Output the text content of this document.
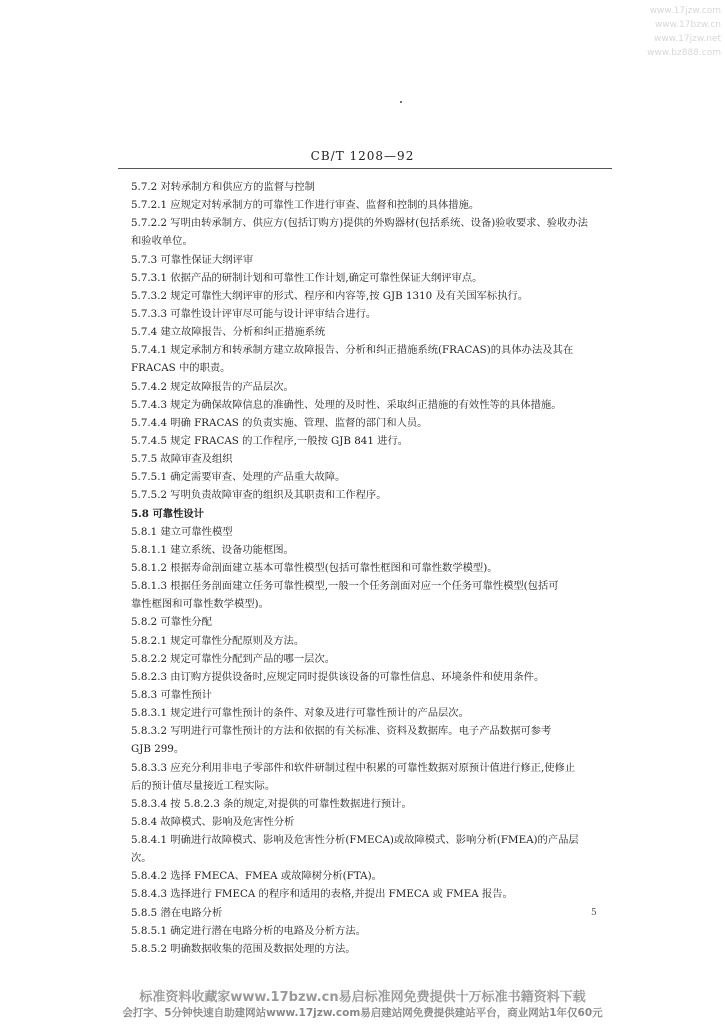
www.17jzw.com
www.17bzw.cn
www.17jzw.net
www.bz888.com
CB/T 1208—92
5.7.2 对转承制方和供应方的监督与控制
5.7.2.1 应规定对转承制方的可靠性工作进行审查、监督和控制的具体措施。
5.7.2.2 写明由转承制方、供应方(包括订购方)提供的外购器材(包括系统、设备)验收要求、验收办法
和验收单位。
5.7.3 可靠性保证大纲评审
5.7.3.1 依据产品的研制计划和可靠性工作计划,确定可靠性保证大纲评审点。
5.7.3.2 规定可靠性大纲评审的形式、程序和内容等,按 GJB 1310 及有关国军标执行。
5.7.3.3 可靠性设计评审尽可能与设计评审结合进行。
5.7.4 建立故障报告、分析和纠正措施系统
5.7.4.1 规定承制方和转承制方建立故障报告、分析和纠正措施系统(FRACAS)的具体办法及其在
FRACAS 中的职责。
5.7.4.2 规定故障报告的产品层次。
5.7.4.3 规定为确保故障信息的准确性、处理的及时性、采取纠正措施的有效性等的具体措施。
5.7.4.4 明确 FRACAS 的负责实施、管理、监督的部门和人员。
5.7.4.5 规定 FRACAS 的工作程序,一般按 GJB 841 进行。
5.7.5 故障审查及组织
5.7.5.1 确定需要审查、处理的产品重大故障。
5.7.5.2 写明负责故障审查的组织及其职责和工作程序。
5.8 可靠性设计
5.8.1 建立可靠性模型
5.8.1.1 建立系统、设备功能框图。
5.8.1.2 根据寿命剖面建立基本可靠性模型(包括可靠性框图和可靠性数学模型)。
5.8.1.3 根据任务剖面建立任务可靠性模型,一般一个任务剖面对应一个任务可靠性模型(包括可
靠性框图和可靠性数学模型)。
5.8.2 可靠性分配
5.8.2.1 规定可靠性分配原则及方法。
5.8.2.2 规定可靠性分配到产品的哪一层次。
5.8.2.3 由订购方提供设备时,应规定同时提供该设备的可靠性信息、环境条件和使用条件。
5.8.3 可靠性预计
5.8.3.1 规定进行可靠性预计的条件、对象及进行可靠性预计的产品层次。
5.8.3.2 写明进行可靠性预计的方法和依据的有关标准、资料及数据库。电子产品数据可参考
GJB 299。
5.8.3.3 应充分利用非电子零部件和软件研制过程中积累的可靠性数据对原预计值进行修正,使修止
后的预计值尽量接近工程实际。
5.8.3.4 按 5.8.2.3 条的规定,对提供的可靠性数据进行预计。
5.8.4 故障模式、影响及危害性分析
5.8.4.1 明确进行故障模式、影响及危害性分析(FMECA)或故障模式、影响分析(FMEA)的产品层
次。
5.8.4.2 选择 FMECA、FMEA 或故障树分析(FTA)。
5.8.4.3 选择进行 FMECA 的程序和适用的表格,并提出 FMECA 或 FMEA 报告。
5.8.5 潜在电路分析
5.8.5.1 确定进行潜在电路分析的电路及分析方法。
5.8.5.2 明确数据收集的范围及数据处理的方法。
5
标准资料收藏家www.17bzw.cn易启标准网免费提供十万标准书籍资料下载
会打字、5分钟快速自助建网站www.17jzw.com易启建站网免费提供建站平台，商业网站1年仅60元
